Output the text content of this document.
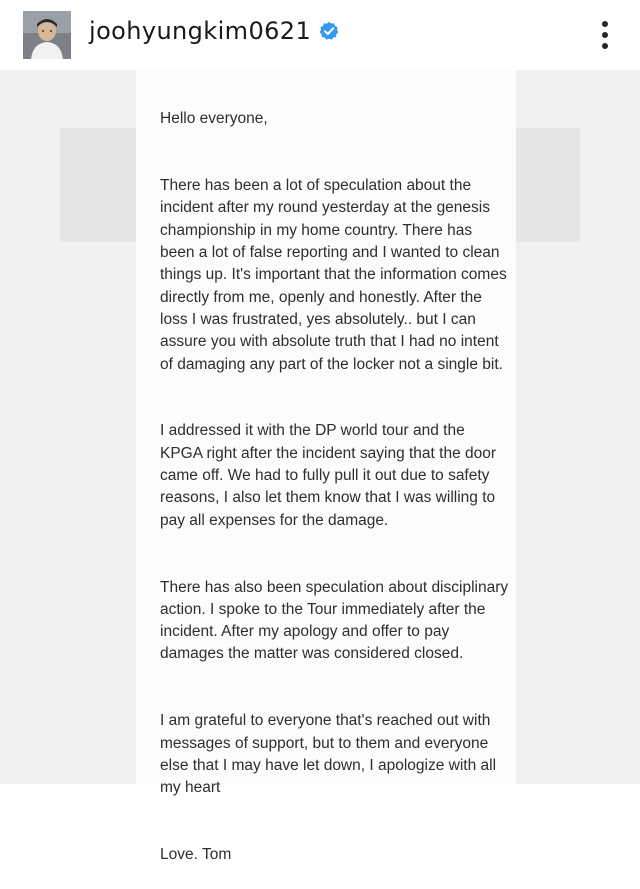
joohyungkim0621

Hello everyone,

There has been a lot of speculation about the incident after my round yesterday at the genesis championship in my home country. There has been a lot of false reporting and I wanted to clean things up. It's important that the information comes directly from me, openly and honestly. After the loss I was frustrated, yes absolutely.. but I can assure you with absolute truth that I had no intent of damaging any part of the locker not a single bit.

I addressed it with the DP world tour and the KPGA right after the incident saying that the door came off. We had to fully pull it out due to safety reasons, I also let them know that I was willing to pay all expenses for the damage.

There has also been speculation about disciplinary action. I spoke to the Tour immediately after the incident. After my apology and offer to pay damages the matter was considered closed.

I am grateful to everyone that's reached out with messages of support, but to them and everyone else that I may have let down, I apologize with all my heart

Love. Tom
